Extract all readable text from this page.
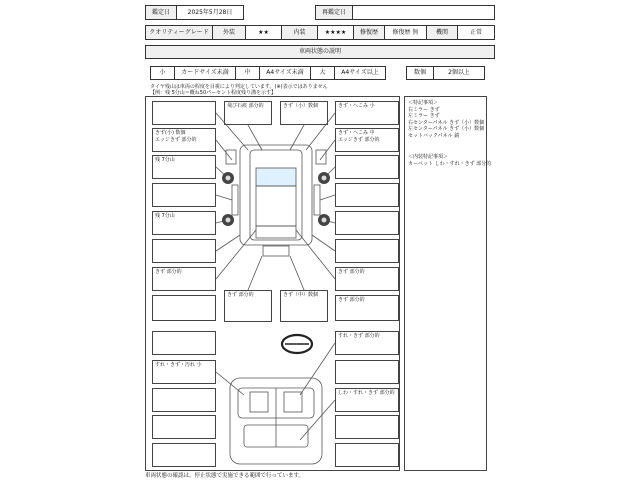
鑑定日	2025年5月28日	再鑑定日
クオリティーグレード	外装	★★	内装	★★★★	修復歴	修復歴 無	機関	正常
車両状態の説明
小	カードサイズ未満	中	A4サイズ未満	大	A4サイズ以上	数個	2個以上
タイヤ残山は車両の程度を目視により判定しています。(※)表示ではありません
【例：残 5分山＝概ね50パーセント程度残り溝を示す】
＜特記事項＞
右ミラー きず
左ミラー きず
右センターパネル きず（小）数個
左センターパネル きず（小）数個
セットバックパネル 錆
＜内装特記事項＞
カーペット しわ・すれ・きず 部分的
飛び石痕 部分的	きず（小）数個	きず・へこみ 小
きず(小) 数個
エッジきず 部分的
きず・へこみ 中
エッジきず 部分的
残 7分山
残 7分山
きず 部分的	きず 部分的
きず 部分的	きず（中）数個
きず 部分的
すれ・きず 部分的
すれ・きず・汚れ 小
しわ・すれ・きず 部分的
車両状態の確認は、停止状態で実施できる範囲で行っています。
